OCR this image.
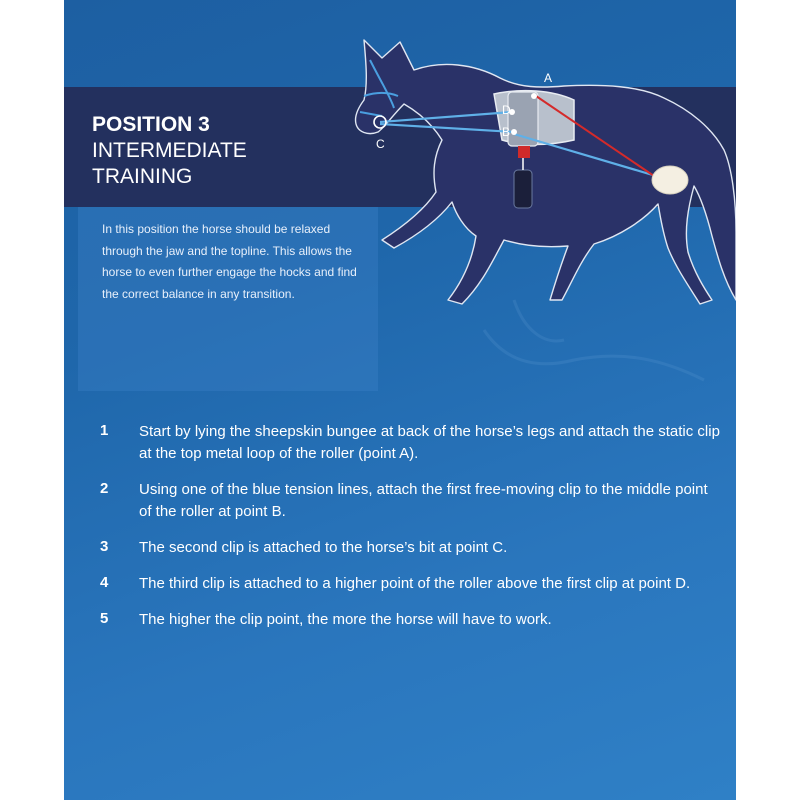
A
D
B
C
POSITION 3
INTERMEDIATE
TRAINING
In this position the horse should be relaxed through the jaw and the topline. This allows the horse to even further engage the hocks and find the correct balance in any transition.
1 Start by lying the sheepskin bungee at back of the horse’s legs and attach the static clip at the top metal loop of the roller (point A).
2 Using one of the blue tension lines, attach the first free-moving clip to the middle point of the roller at point B.
3 The second clip is attached to the horse’s bit at point C.
4 The third clip is attached to a higher point of the roller above the first clip at point D.
5 The higher the clip point, the more the horse will have to work.
